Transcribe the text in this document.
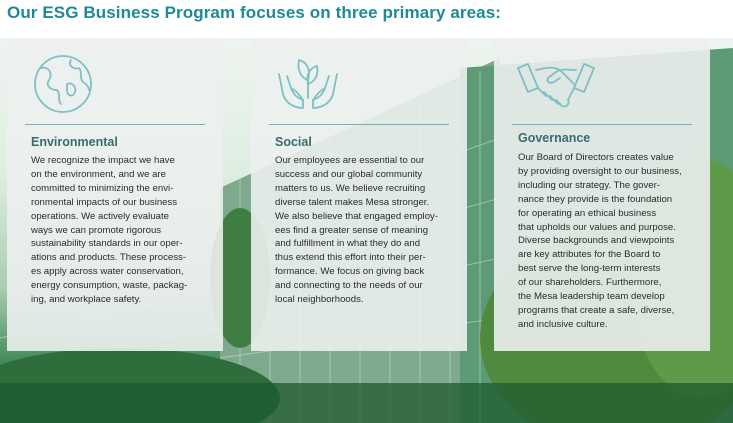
Our ESG Business Program focuses on three primary areas:
Environmental

We recognize the impact we have
on the environment, and we are
committed to minimizing the envi-
ronmental impacts of our business
operations. We actively evaluate
ways we can promote rigorous
sustainability standards in our oper-
ations and products. These process-
es apply across water conservation,
energy consumption, waste, packag-
ing, and workplace safety.

Social

Our employees are essential to our
success and our global community
matters to us. We believe recruiting
diverse talent makes Mesa stronger.
We also believe that engaged employ-
ees find a greater sense of meaning
and fulfillment in what they do and
thus extend this effort into their per-
formance. We focus on giving back
and connecting to the needs of our
local neighborhoods.

Governance

Our Board of Directors creates value
by providing oversight to our business,
including our strategy. The gover-
nance they provide is the foundation
for operating an ethical business
that upholds our values and purpose.
Diverse backgrounds and viewpoints
are key attributes for the Board to
best serve the long-term interests
of our shareholders. Furthermore,
the Mesa leadership team develop
programs that create a safe, diverse,
and inclusive culture.
